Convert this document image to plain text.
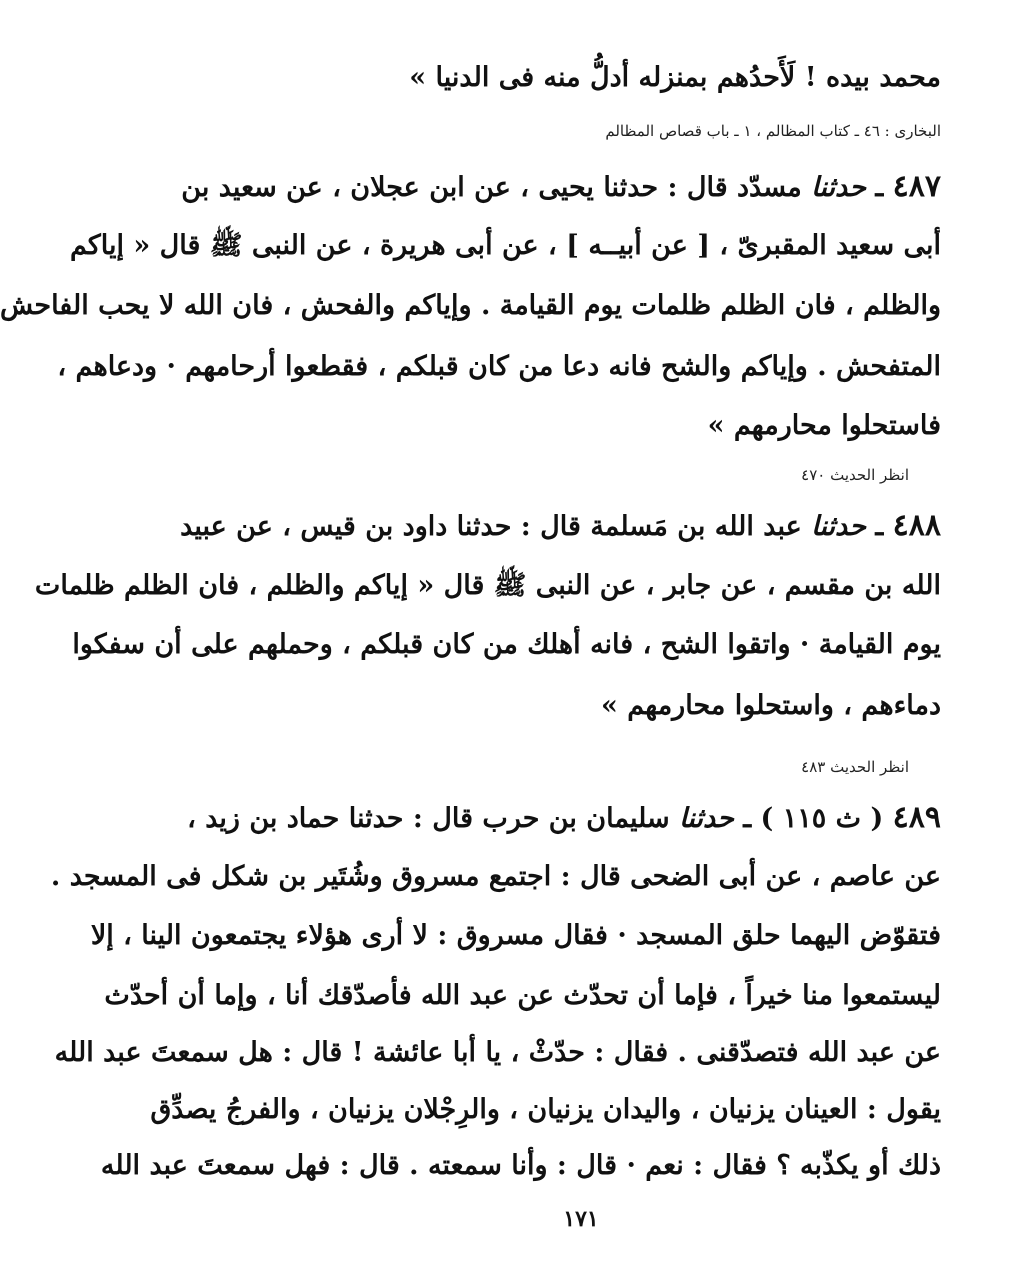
محمد بيده ! لَأَحدُهم بمنزله أدلُّ منه فى الدنيا »
البخارى : ٤٦ ـ كتاب المظالم ، ١ ـ باب قصاص المظالم
٤٨٧ ـ حدثنا مسدّد قال : حدثنا يحيى ، عن ابن عجلان ، عن سعيد بن
أبى سعيد المقبرىّ ، [ عن أبيــه ] ، عن أبى هريرة ، عن النبى ﷺ قال « إياكم
والظلم ، فان الظلم ظلمات يوم القيامة . وإياكم والفحش ، فان الله لا يحب الفاحش
المتفحش . وإياكم والشح فانه دعا من كان قبلكم ، فقطعوا أرحامهم · ودعاهم ،
فاستحلوا محارمهم »
انظر الحديث ٤٧٠
٤٨٨ ـ حدثنا عبد الله بن مَسلمة قال : حدثنا داود بن قيس ، عن عبيد
الله بن مقسم ، عن جابر ، عن النبى ﷺ قال « إياكم والظلم ، فان الظلم ظلمات
يوم القيامة · واتقوا الشح ، فانه أهلك من كان قبلكم ، وحملهم على أن سفكوا
دماءهم ، واستحلوا محارمهم »
انظر الحديث ٤٨٣
٤٨٩ ( ث ١١٥ ) ـ حدثنا سليمان بن حرب قال : حدثنا حماد بن زيد ،
عن عاصم ، عن أبى الضحى قال : اجتمع مسروق وشُتَير بن شكل فى المسجد .
فتقوّض اليهما حلق المسجد · فقال مسروق : لا أرى هؤلاء يجتمعون الينا ، إلا
ليستمعوا منا خيراً ، فإما أن تحدّث عن عبد الله فأصدّقك أنا ، وإما أن أحدّث
عن عبد الله فتصدّقنى . فقال : حدّثْ ، يا أبا عائشة ! قال : هل سمعتَ عبد الله
يقول : العينان يزنيان ، واليدان يزنيان ، والرِجْلان يزنيان ، والفرجُ يصدِّق
ذلك أو يكذّبه ؟ فقال : نعم · قال : وأنا سمعته . قال : فهل سمعتَ عبد الله
١٧١
